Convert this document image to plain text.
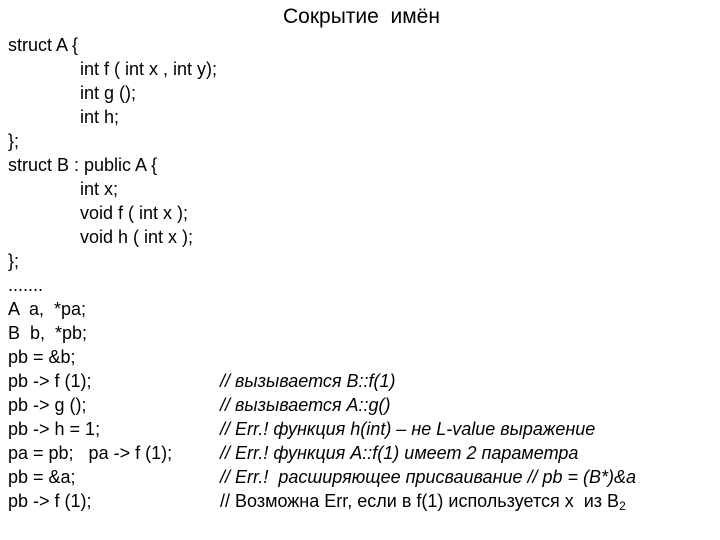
Сокрытие  имён
struct A {
int f ( int x , int y);
int g ();
int h;
};
struct B : public A {
int x;
void f ( int x );
void h ( int x );
};
.......
A  a,  *pa;
B  b,  *pb;
pb = &b;
pb -> f (1);
pb -> g ();
pb -> h = 1;
pa = pb;   pa -> f (1);
pb = &a;
pb -> f (1);
// вызывается B::f(1)
// вызывается A::g()
// Err.! функция h(int) – не L-value выражение
// Err.! функция A::f(1) имеет 2 параметра
// Err.!  расширяющее присваивание // pb = (B*)&a
// Возможна Err, если в f(1) используется x  из $B_2$
